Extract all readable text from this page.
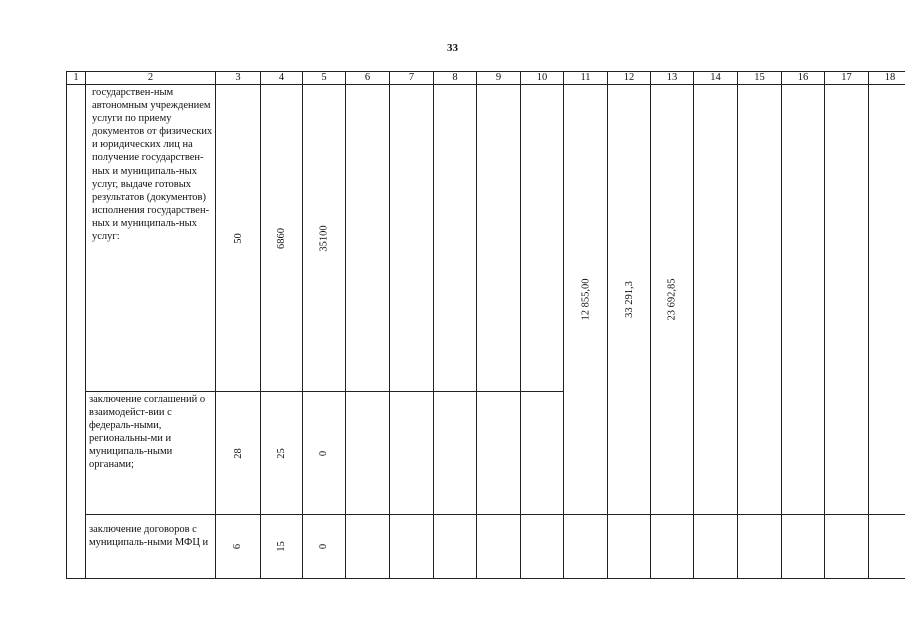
33
1	2	3	4	5	6	7	8	9	10	11	12	13	14	15	16	17	18
	государствен-ным автономным учреждением услуги по приему документов от физических и юридических лиц на получение государствен-ных и муниципаль-ных услуг, выдаче готовых результатов (документов) исполнения государствен-ных и муниципаль-ных услуг:	50	6860	35100						12 855,00	33 291,3	23 692,85					
	заключение соглашений о взаимодейст-вии с федераль-ными, региональны-ми и муниципаль-ными органами;	28	25	0													
	заключение договоров с муниципаль-ными МФЦ и	6	15	0													
